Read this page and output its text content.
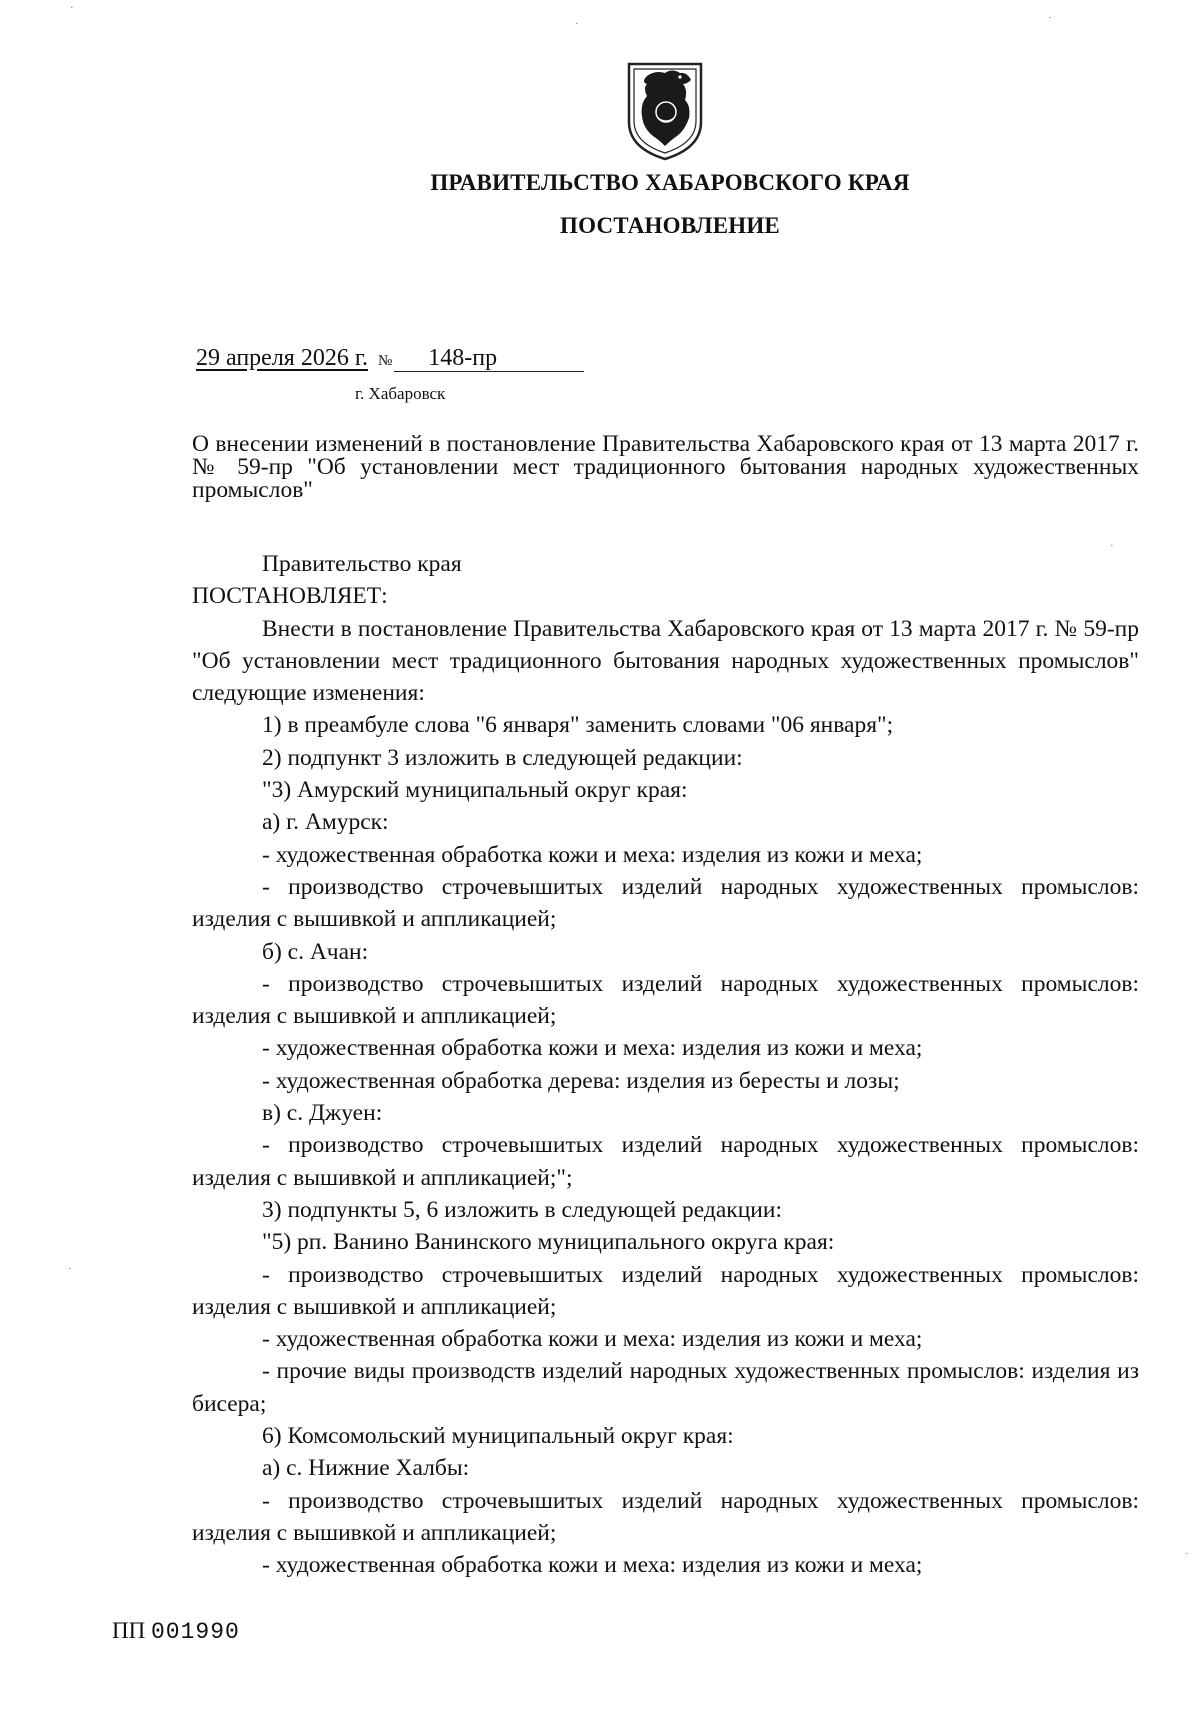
ПРАВИТЕЛЬСТВО ХАБАРОВСКОГО КРАЯ
ПОСТАНОВЛЕНИЕ
29 апреля 2026 г. № 148-пр
г. Хабаровск
О внесении изменений в постановление Правительства Хабаровского края от 13 марта 2017 г. № 59-пр "Об установлении мест традиционного бытования народных художественных промыслов"

Правительство края

ПОСТАНОВЛЯЕТ:

Внести в постановление Правительства Хабаровского края от 13 марта 2017 г. № 59-пр "Об установлении мест традиционного бытования народных художественных промыслов" следующие изменения:

1) в преамбуле слова "6 января" заменить словами "06 января";

2) подпункт 3 изложить в следующей редакции:

"3) Амурский муниципальный округ края:

а) г. Амурск:

- художественная обработка кожи и меха: изделия из кожи и меха;

- производство строчевышитых изделий народных художественных промыслов: изделия с вышивкой и аппликацией;

б) с. Ачан:

- производство строчевышитых изделий народных художественных промыслов: изделия с вышивкой и аппликацией;

- художественная обработка кожи и меха: изделия из кожи и меха;

- художественная обработка дерева: изделия из бересты и лозы;

в) с. Джуен:

- производство строчевышитых изделий народных художественных промыслов: изделия с вышивкой и аппликацией;";

3) подпункты 5, 6 изложить в следующей редакции:

"5) рп. Ванино Ванинского муниципального округа края:

- производство строчевышитых изделий народных художественных промыслов: изделия с вышивкой и аппликацией;

- художественная обработка кожи и меха: изделия из кожи и меха;

- прочие виды производств изделий народных художественных промыслов: изделия из бисера;

6) Комсомольский муниципальный округ края:

а) с. Нижние Халбы:

- производство строчевышитых изделий народных художественных промыслов: изделия с вышивкой и аппликацией;

- художественная обработка кожи и меха: изделия из кожи и меха;

ПП 001990
·
·	·
·
·
·
